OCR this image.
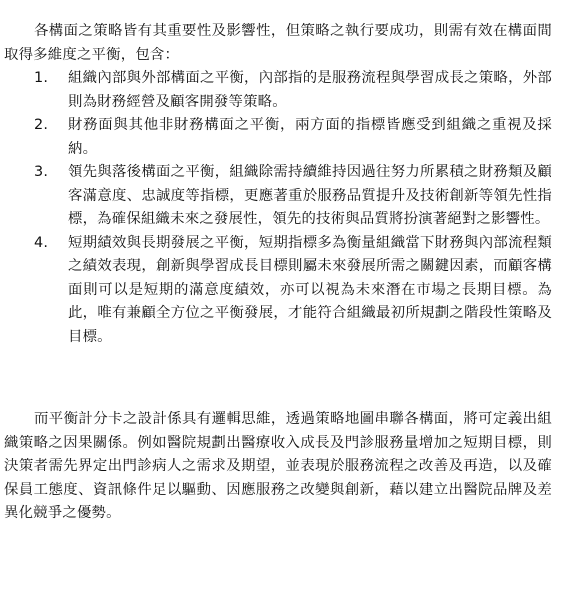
各構面之策略皆有其重要性及影響性，但策略之執行要成功，則需有效在構面間取得多維度之平衡，包含：

1. 組織內部與外部構面之平衡，內部指的是服務流程與學習成長之策略，外部則為財務經營及顧客開發等策略。
2. 財務面與其他非財務構面之平衡，兩方面的指標皆應受到組織之重視及採納。
3. 領先與落後構面之平衡，組織除需持續維持因過往努力所累積之財務類及顧客滿意度、忠誠度等指標，更應著重於服務品質提升及技術創新等領先性指標，為確保組織未來之發展性，領先的技術與品質將扮演著絕對之影響性。
4. 短期績效與長期發展之平衡，短期指標多為衡量組織當下財務與內部流程類之績效表現，創新與學習成長目標則屬未來發展所需之關鍵因素，而顧客構面則可以是短期的滿意度績效，亦可以視為未來潛在市場之長期目標。為此，唯有兼顧全方位之平衡發展，才能符合組織最初所規劃之階段性策略及目標。

而平衡計分卡之設計係具有邏輯思維，透過策略地圖串聯各構面，將可定義出組織策略之因果關係。例如醫院規劃出醫療收入成長及門診服務量增加之短期目標，則決策者需先界定出門診病人之需求及期望，並表現於服務流程之改善及再造，以及確保員工態度、資訊條件足以驅動、因應服務之改變與創新，藉以建立出醫院品牌及差異化競爭之優勢。
